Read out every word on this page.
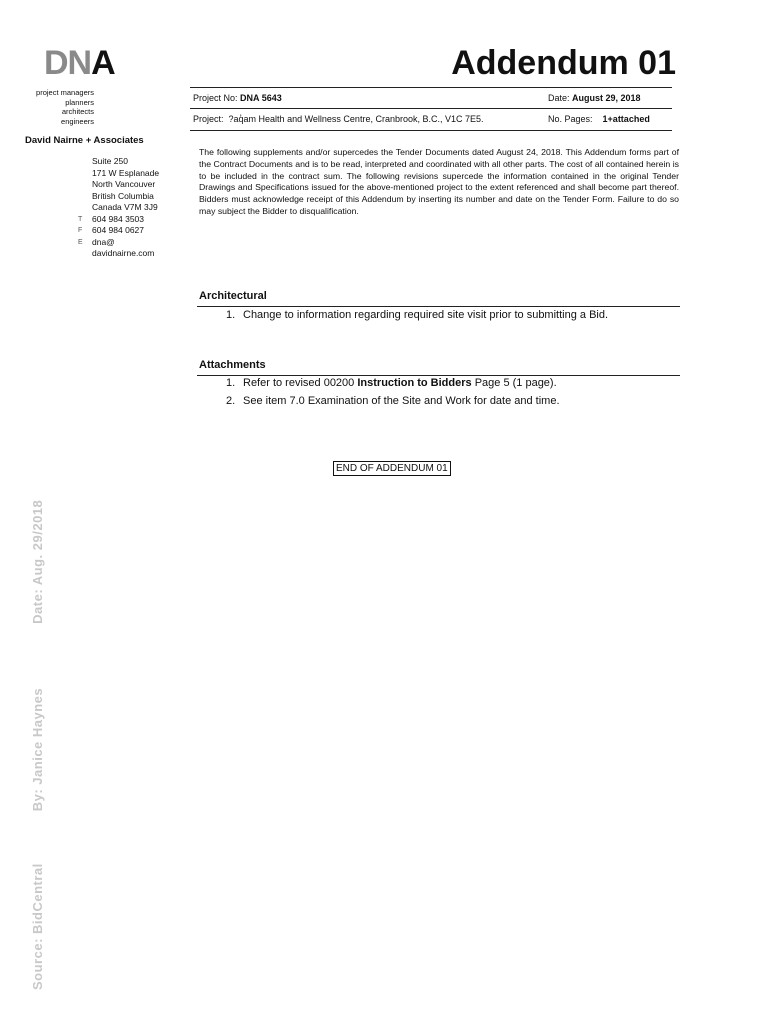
DNA
project managers
planners
architects
engineers
David Nairne + Associates
Suite 250
171 W Esplanade
North Vancouver
British Columbia
Canada V7M 3J9
T	604 984 3503
F	604 984 0627
E	dna@
davidnairne.com
Addendum 01
Project No: DNA 5643	Date: August 29, 2018
Project: ?aq̓am Health and Wellness Centre, Cranbrook, B.C., V1C 7E5.	No. Pages: 1+attached
The following supplements and/or supercedes the Tender Documents dated August 24, 2018. This Addendum forms part of the Contract Documents and is to be read, interpreted and coordinated with all other parts. The cost of all contained herein is to be included in the contract sum. The following revisions supercede the information contained in the original Tender Drawings and Specifications issued for the above-mentioned project to the extent referenced and shall become part thereof. Bidders must acknowledge receipt of this Addendum by inserting its number and date on the Tender Form. Failure to do so may subject the Bidder to disqualification.
Architectural
1. Change to information regarding required site visit prior to submitting a Bid.
Attachments
1. Refer to revised 00200 Instruction to Bidders Page 5 (1 page).
2. See item 7.0 Examination of the Site and Work for date and time.
END OF ADDENDUM 01
Source: BidCentralBy: Janice HaynesDate: Aug. 29/2018
